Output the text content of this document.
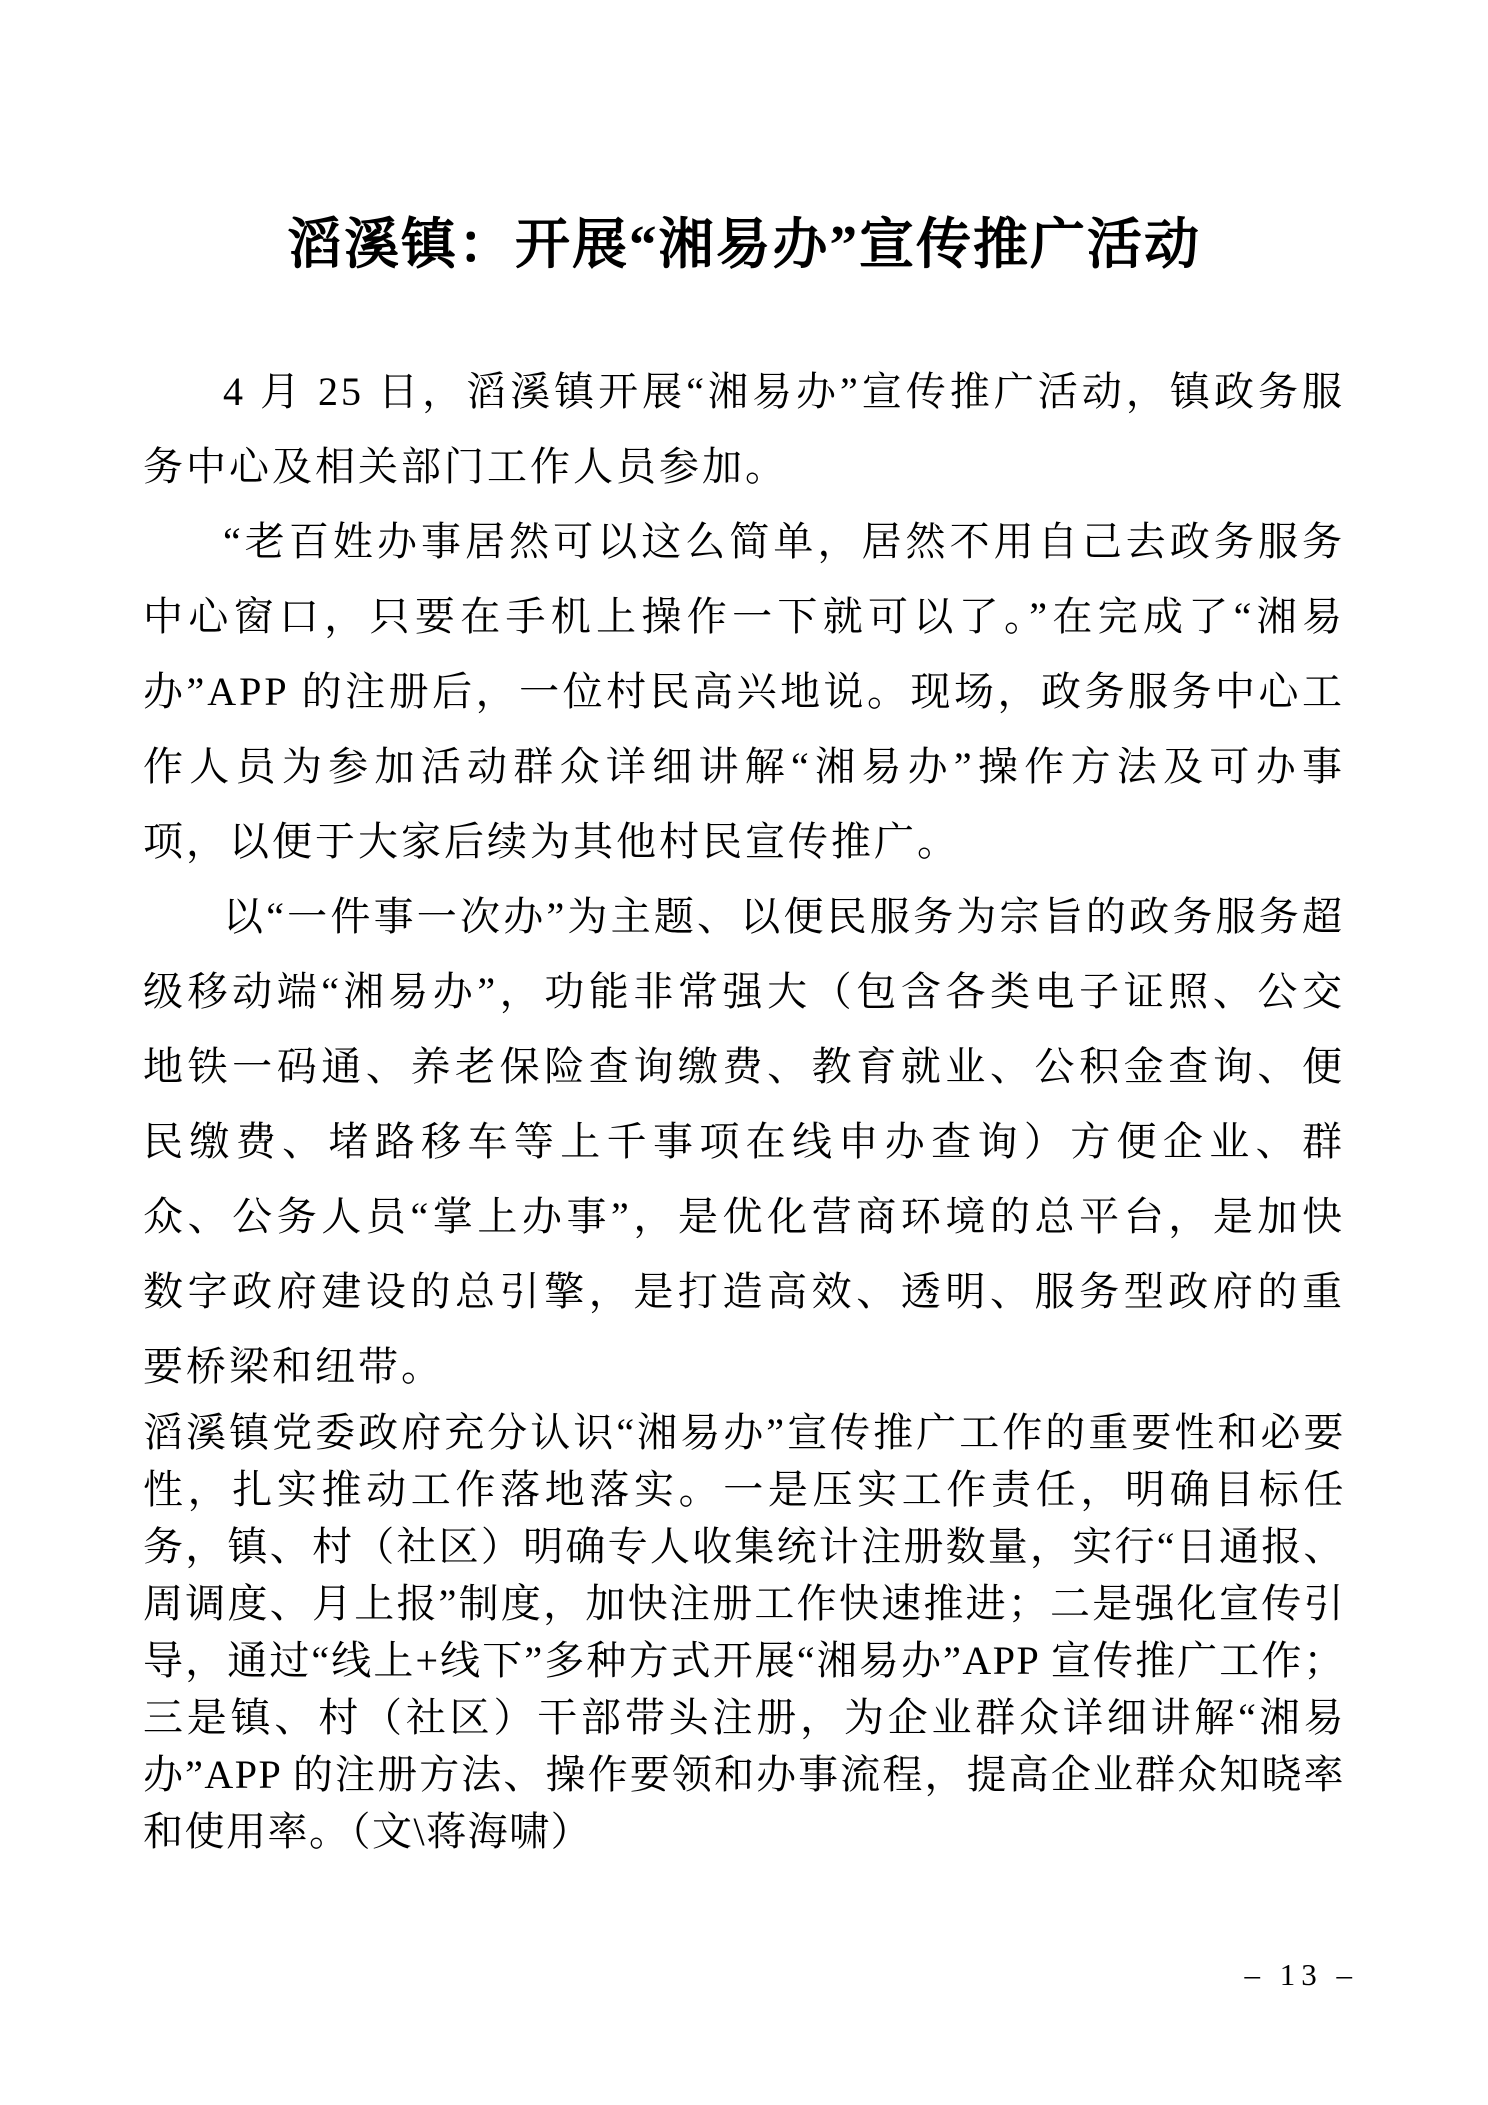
滔溪镇：开展“湘易办”宣传推广活动

4 月 25 日，滔溪镇开展“湘易办”宣传推广活动，镇政务服务中心及相关部门工作人员参加。

“老百姓办事居然可以这么简单，居然不用自己去政务服务中心窗口，只要在手机上操作一下就可以了。”在完成了“湘易办”APP 的注册后，一位村民高兴地说。现场，政务服务中心工作人员为参加活动群众详细讲解“湘易办”操作方法及可办事项，以便于大家后续为其他村民宣传推广。

以“一件事一次办”为主题、以便民服务为宗旨的政务服务超级移动端“湘易办”，功能非常强大（包含各类电子证照、公交地铁一码通、养老保险查询缴费、教育就业、公积金查询、便民缴费、堵路移车等上千事项在线申办查询）方便企业、群众、公务人员“掌上办事”，是优化营商环境的总平台，是加快数字政府建设的总引擎，是打造高效、透明、服务型政府的重要桥梁和纽带。

滔溪镇党委政府充分认识“湘易办”宣传推广工作的重要性和必要性，扎实推动工作落地落实。一是压实工作责任，明确目标任务，镇、村（社区）明确专人收集统计注册数量，实行“日通报、周调度、月上报”制度，加快注册工作快速推进；二是强化宣传引导，通过“线上+线下”多种方式开展“湘易办”APP 宣传推广工作；三是镇、村（社区）干部带头注册，为企业群众详细讲解“湘易办”APP 的注册方法、操作要领和办事流程，提高企业群众知晓率和使用率。（文\蒋海啸）

– 13 –
